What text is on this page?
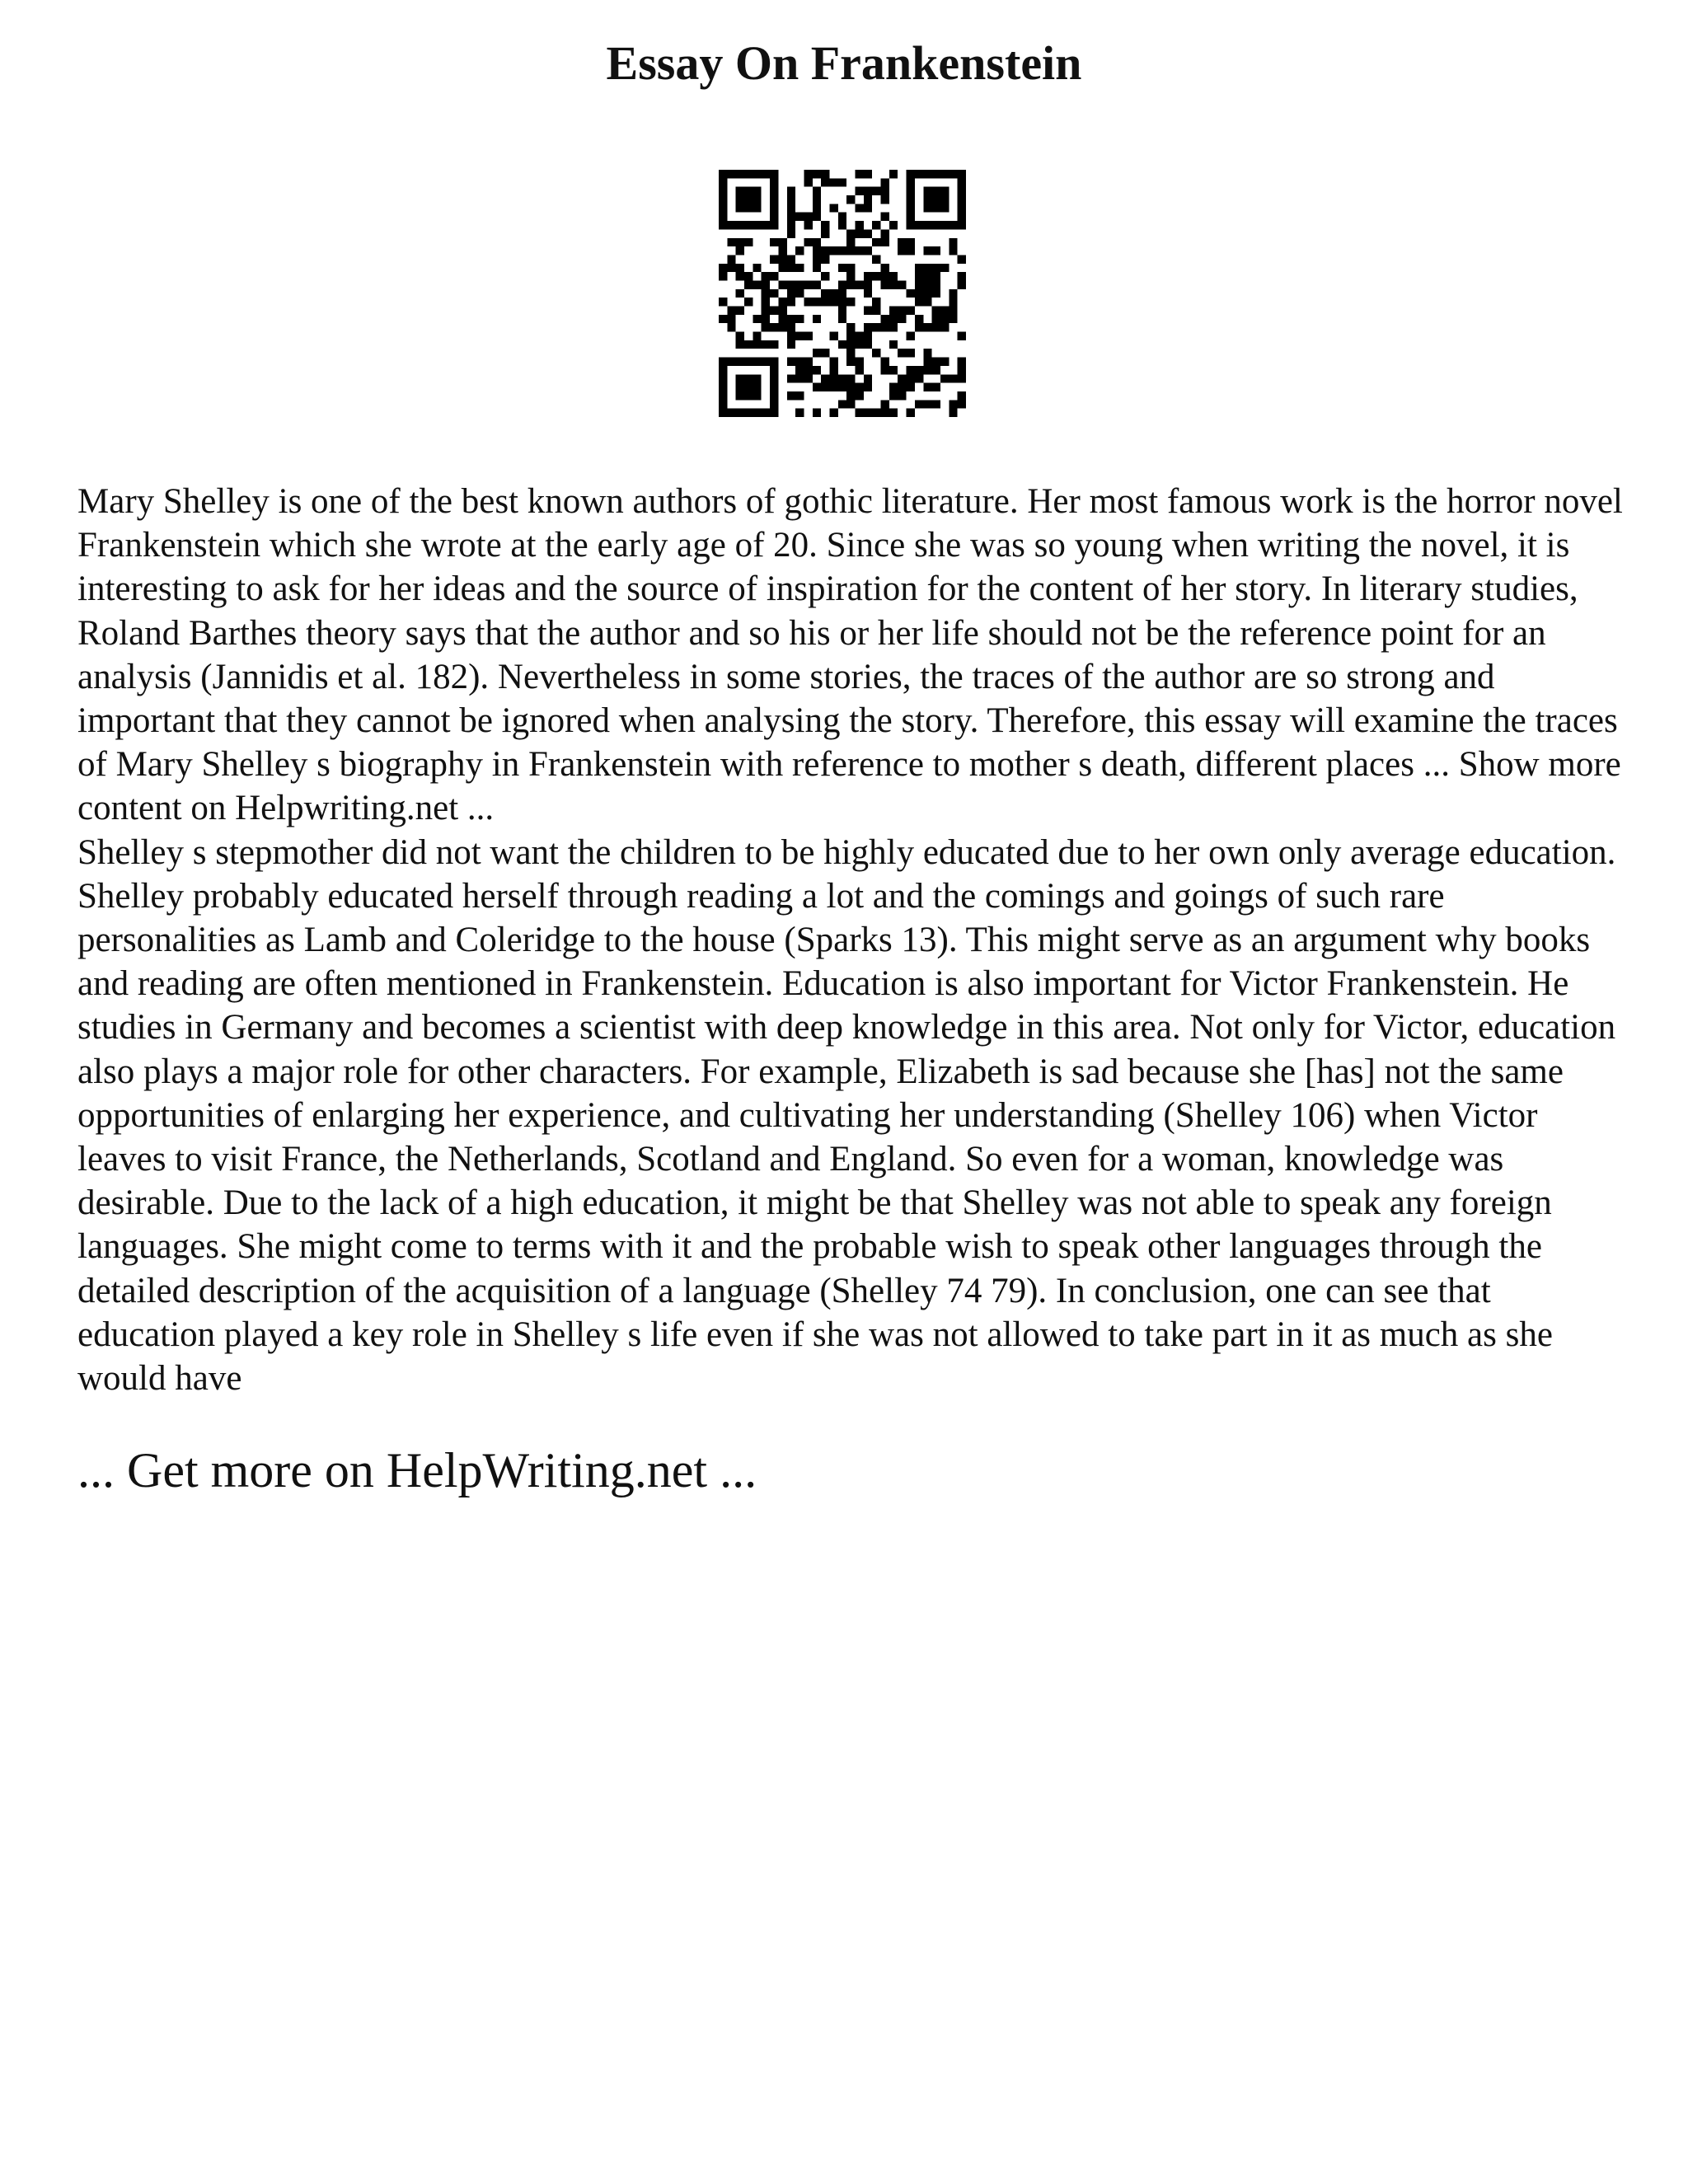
Essay On Frankenstein

Mary Shelley is one of the best known authors of gothic literature. Her most famous work is the horror novel Frankenstein which she wrote at the early age of 20. Since she was so young when writing the novel, it is interesting to ask for her ideas and the source of inspiration for the content of her story. In literary studies, Roland Barthes theory says that the author and so his or her life should not be the reference point for an analysis (Jannidis et al. 182). Nevertheless in some stories, the traces of the author are so strong and important that they cannot be ignored when analysing the story. Therefore, this essay will examine the traces of Mary Shelley s biography in Frankenstein with reference to mother s death, different places ... Show more content on Helpwriting.net ...

Shelley s stepmother did not want the children to be highly educated due to her own only average education. Shelley probably educated herself through reading a lot and the comings and goings of such rare personalities as Lamb and Coleridge to the house (Sparks 13). This might serve as an argument why books and reading are often mentioned in Frankenstein. Education is also important for Victor Frankenstein. He studies in Germany and becomes a scientist with deep knowledge in this area. Not only for Victor, education also plays a major role for other characters. For example, Elizabeth is sad because she [has] not the same opportunities of enlarging her experience, and cultivating her understanding (Shelley 106) when Victor leaves to visit France, the Netherlands, Scotland and England. So even for a woman, knowledge was desirable. Due to the lack of a high education, it might be that Shelley was not able to speak any foreign languages. She might come to terms with it and the probable wish to speak other languages through the detailed description of the acquisition of a language (Shelley 74 79). In conclusion, one can see that education played a key role in Shelley s life even if she was not allowed to take part in it as much as she would have

... Get more on HelpWriting.net ...
